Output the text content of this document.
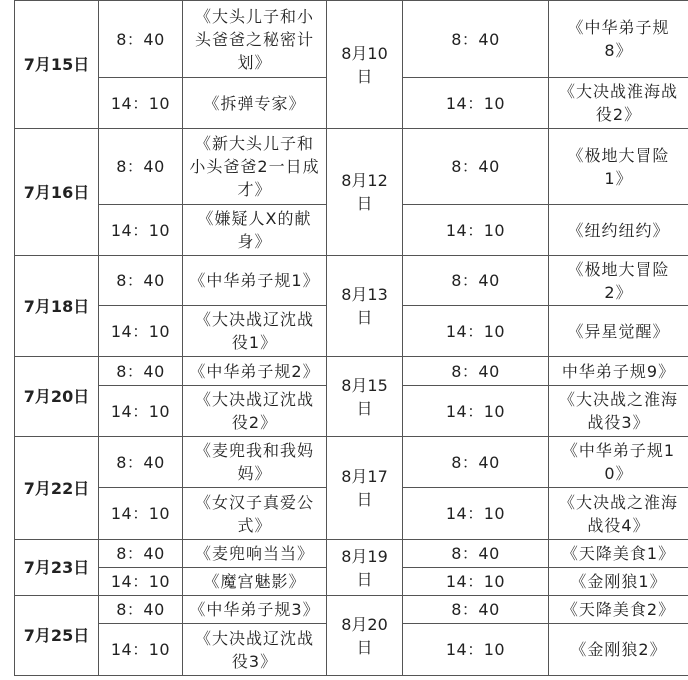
7月15日	8：40	《大头儿子和小
头爸爸之秘密计
划》	8月10
日	8：40	《中华弟子规
8》
	14：10	《拆弹专家》		14：10	《大决战淮海战
役2》
7月16日	8：40	《新大头儿子和
小头爸爸2一日成
才》	8月12
日	8：40	《极地大冒险
1》
	14：10	《嫌疑人X的献
身》		14：10	《纽约纽约》
7月18日	8：40	《中华弟子规1》	8月13
日	8：40	《极地大冒险
2》
	14：10	《大决战辽沈战
役1》		14：10	《异星觉醒》
7月20日	8：40	《中华弟子规2》	8月15
日	8：40	中华弟子规9》
	14：10	《大决战辽沈战
役2》		14：10	《大决战之淮海
战役3》
7月22日	8：40	《麦兜我和我妈
妈》	8月17
日	8：40	《中华弟子规1
0》
	14：10	《女汉子真爱公
式》		14：10	《大决战之淮海
战役4》
7月23日	8：40	《麦兜响当当》	8月19
日	8：40	《天降美食1》
	14：10	《魔宫魅影》		14：10	《金刚狼1》
7月25日	8：40	《中华弟子规3》	8月20
日	8：40	《天降美食2》
	14：10	《大决战辽沈战
役3》		14：10	《金刚狼2》
